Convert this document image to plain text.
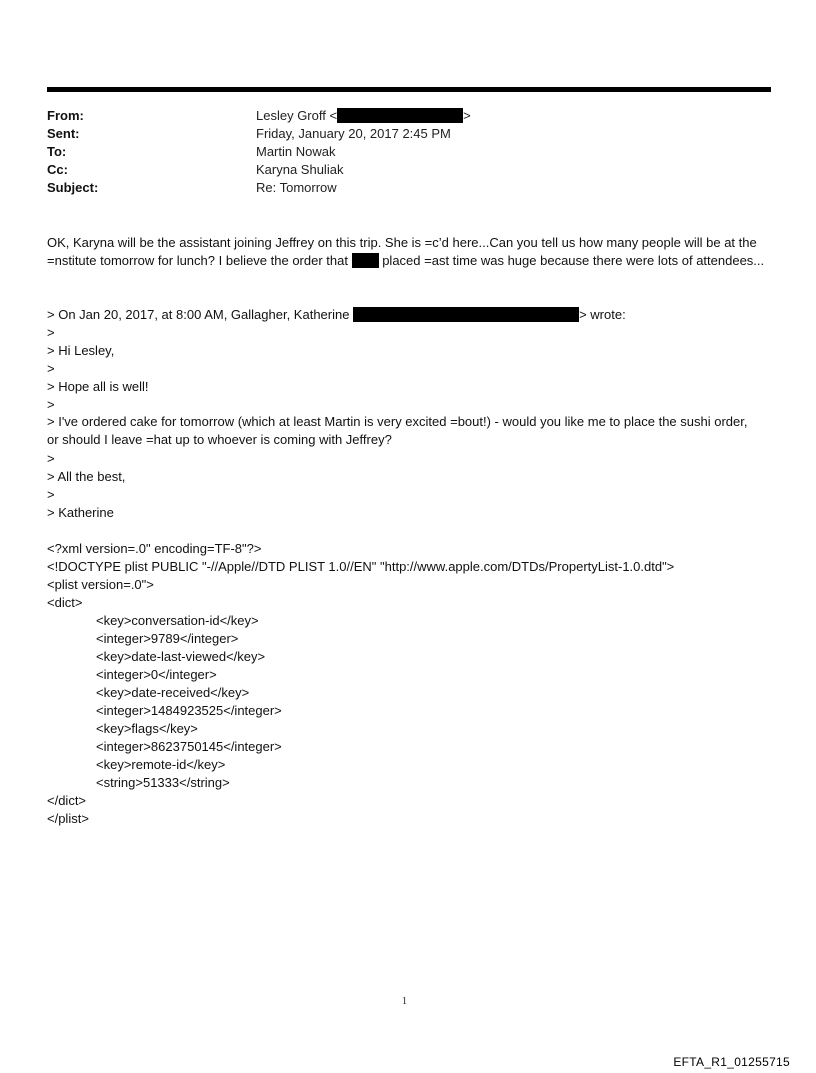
From:	Lesley Groff <	>
Sent:	Friday, January 20, 2017 2:45 PM
To:	Martin Nowak
Cc:	Karyna Shuliak
Subject:	Re: Tomorrow

OK, Karyna will be the assistant joining Jeffrey on this trip. She is =c’d here...Can you tell us how many people will be at the =nstitute tomorrow for lunch? I believe the order that  placed =ast time was huge because there were lots of attendees...

> On Jan 20, 2017, at 8:00 AM, Gallagher, Katherine	> wrote:
>
> Hi Lesley,
>
> Hope all is well!
>
> I've ordered cake for tomorrow (which at least Martin is very excited =bout!) - would you like me to place the sushi order, or should I leave =hat up to whoever is coming with Jeffrey?
>
> All the best,
>
> Katherine
<?xml version=.0" encoding=TF-8"?>
<!DOCTYPE plist PUBLIC "-//Apple//DTD PLIST 1.0//EN" "http://www.apple.com/DTDs/PropertyList-1.0.dtd">
<plist version=.0">
<dict>
<key>conversation-id</key>
<integer>9789</integer>
<key>date-last-viewed</key>
<integer>0</integer>
<key>date-received</key>
<integer>1484923525</integer>
<key>flags</key>
<integer>8623750145</integer>
<key>remote-id</key>
<string>51333</string>
</dict>
</plist>
1
EFTA_R1_01255715
